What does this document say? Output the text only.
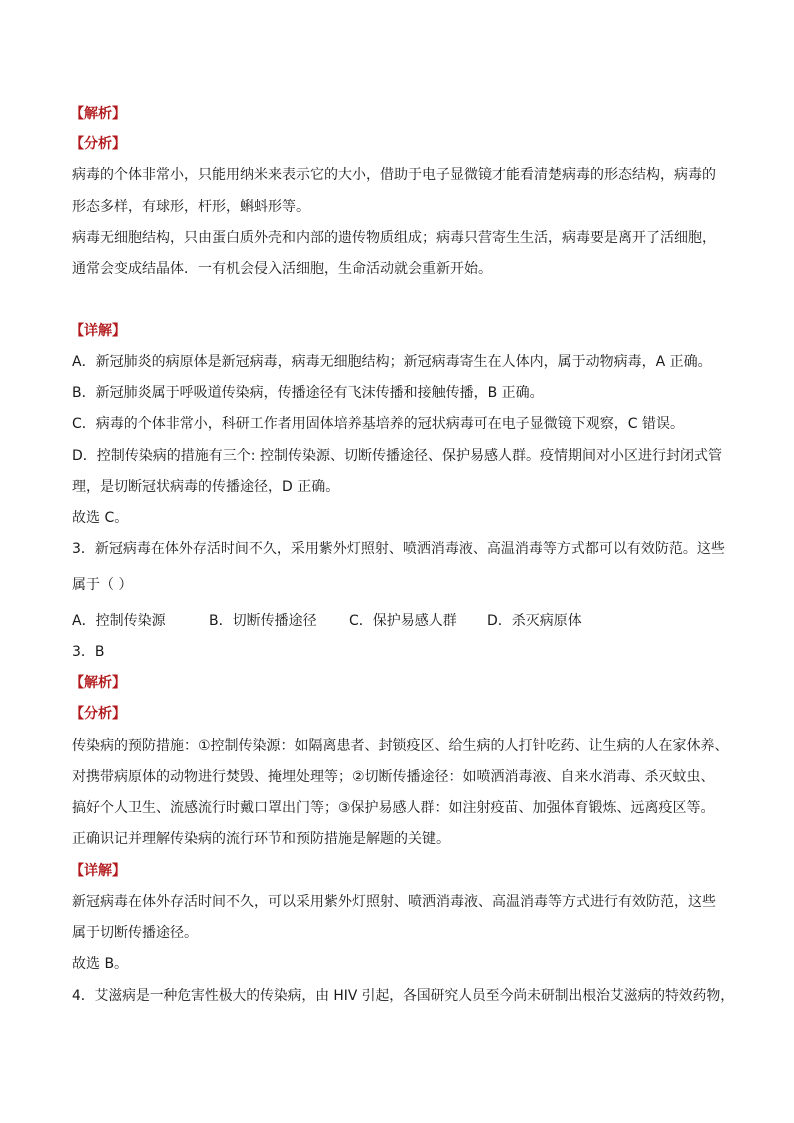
【解析】
【分析】
病毒的个体非常小，只能用纳米来表示它的大小，借助于电子显微镜才能看清楚病毒的形态结构，病毒的
形态多样，有球形，杆形，蝌蚪形等。
病毒无细胞结构，只由蛋白质外壳和内部的遗传物质组成；病毒只营寄生生活，病毒要是离开了活细胞，
通常会变成结晶体．一有机会侵入活细胞，生命活动就会重新开始。
【详解】
A．新冠肺炎的病原体是新冠病毒，病毒无细胞结构；新冠病毒寄生在人体内，属于动物病毒，A 正确。
B．新冠肺炎属于呼吸道传染病，传播途径有飞沫传播和接触传播，B 正确。
C．病毒的个体非常小，科研工作者用固体培养基培养的冠状病毒可在电子显微镜下观察，C 错误。
D．控制传染病的措施有三个: 控制传染源、切断传播途径、保护易感人群。疫情期间对小区进行封闭式管
理，是切断冠状病毒的传播途径，D 正确。
故选 C。
3．新冠病毒在体外存活时间不久，采用紫外灯照射、喷洒消毒液、高温消毒等方式都可以有效防范。这些
属于（ ）
A．控制传染源	B．切断传播途径 C．保护易感人群 D．杀灭病原体
3．B
【解析】
【分析】
传染病的预防措施：①控制传染源：如隔离患者、封锁疫区、给生病的人打针吃药、让生病的人在家休养、
对携带病原体的动物进行焚毁、掩埋处理等；②切断传播途径：如喷洒消毒液、自来水消毒、杀灭蚊虫、
搞好个人卫生、流感流行时戴口罩出门等；③保护易感人群：如注射疫苗、加强体育锻炼、远离疫区等。
正确识记并理解传染病的流行环节和预防措施是解题的关键。
【详解】
新冠病毒在体外存活时间不久，可以采用紫外灯照射、喷洒消毒液、高温消毒等方式进行有效防范，这些
属于切断传播途径。
故选 B。
4．艾滋病是一种危害性极大的传染病，由 HIV 引起，各国研究人员至今尚未研制出根治艾滋病的特效药物，
